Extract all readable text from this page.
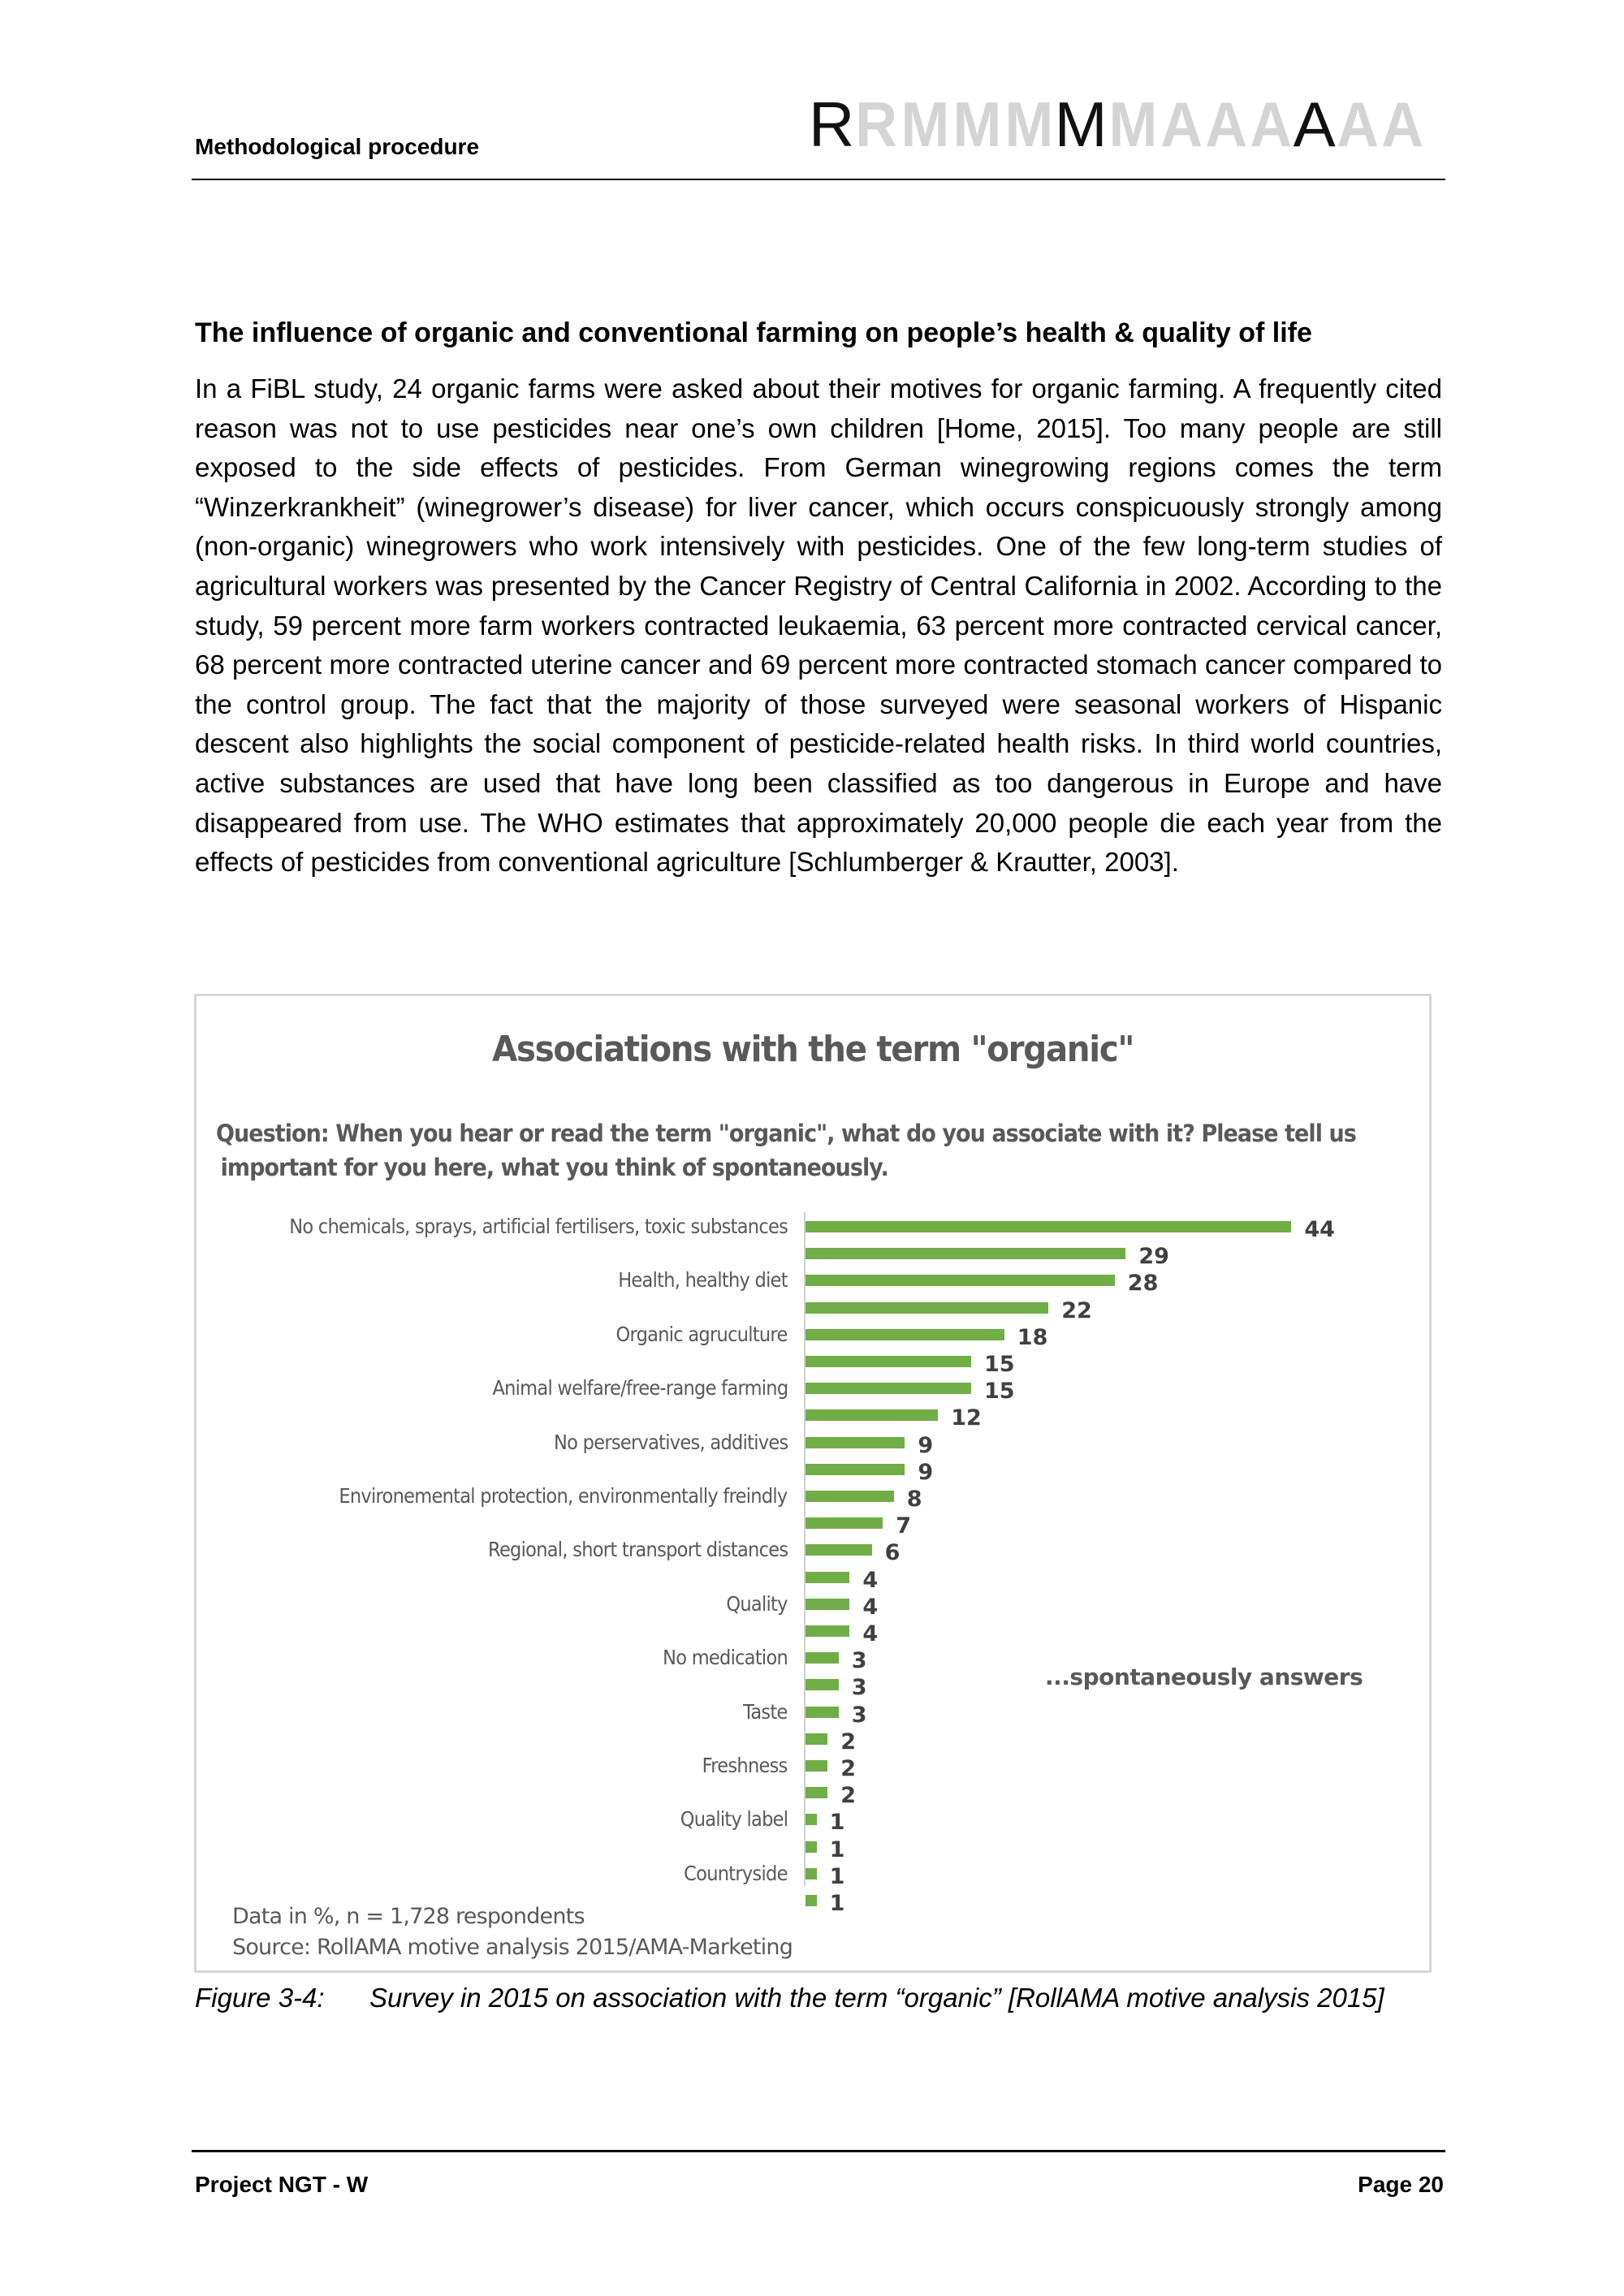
Methodological procedure	R R M M M M M A A A A A A
The influence of organic and conventional farming on people’s health & quality of life

In a FiBL study, 24 organic farms were asked about their motives for organic farming. A frequently cited reason was not to use pesticides near one’s own children [Home, 2015]. Too many people are still exposed to the side effects of pesticides. From German winegrowing regions comes the term “Winzerkrankheit” (winegrower’s disease) for liver cancer, which occurs conspicuously strongly among (non-organic) winegrowers who work intensively with pesticides. One of the few long-term studies of agricultural workers was presented by the Cancer Registry of Central California in 2002. According to the study, 59 percent more farm workers contracted leukaemia, 63 percent more contracted cervical cancer, 68 percent more contracted uterine cancer and 69 percent more contracted stomach cancer compared to the control group. The fact that the majority of those surveyed were seasonal workers of Hispanic descent also highlights the social component of pesticide-related health risks. In third world countries, active substances are used that have long been classified as too dangerous in Europe and have disappeared from use. The WHO estimates that approximately 20,000 people die each year from the effects of pesticides from conventional agriculture [Schlumberger & Krautter, 2003].

Associations with the term "organic"
Question: When you hear or read the term "organic", what do you associate with it? Please tell us
important for you here, what you think of spontaneously.
44
No chemicals, sprays, artificial fertilisers, toxic substances
29
28
Health, healthy diet
22
18
Organic agruculture
15
15
Animal welfare/free-range farming
12
9
No perservatives, additives
9
8
Environemental protection, environmentally freindly
7
6
Regional, short transport distances
4
4
Quality
4
3
No medication
3
3
Taste
2
2
Freshness
2
1
Quality label
1
1
Countryside
1
...spontaneously answers
Data in %, n = 1,728 respondents
Source: RollAMA motive analysis 2015/AMA-Marketing
Figure 3-4: Survey in 2015 on association with the term “organic” [RollAMA motive analysis 2015]
Project NGT - W	Page 20
